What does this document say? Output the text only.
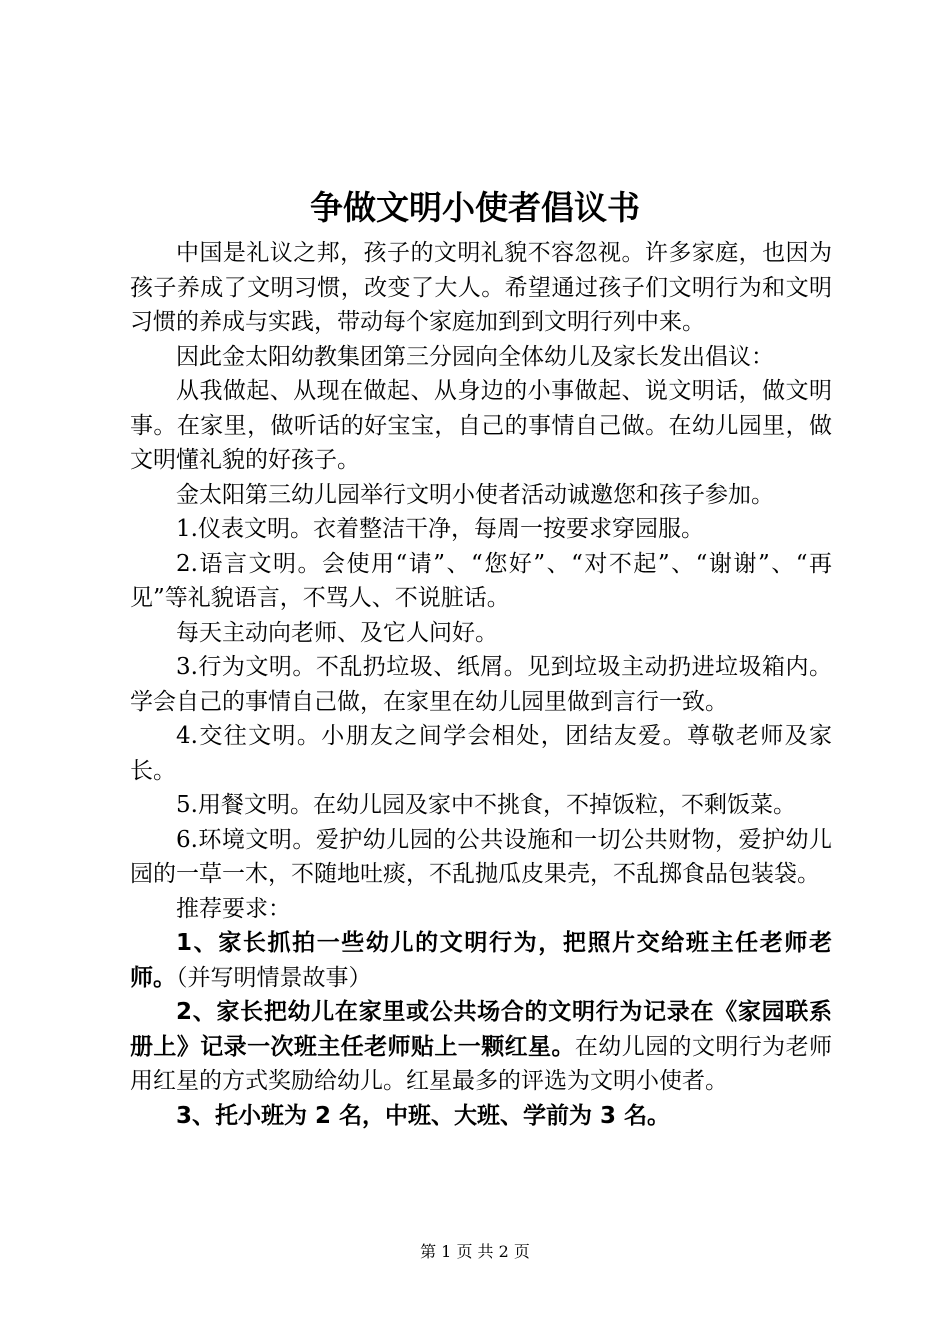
争做文明小使者倡议书

中国是礼议之邦，孩子的文明礼貌不容忽视。许多家庭，也因为孩子养成了文明习惯，改变了大人。希望通过孩子们文明行为和文明习惯的养成与实践，带动每个家庭加到到文明行列中来。

因此金太阳幼教集团第三分园向全体幼儿及家长发出倡议：

从我做起、从现在做起、从身边的小事做起、说文明话，做文明事。在家里，做听话的好宝宝，自己的事情自己做。在幼儿园里，做文明懂礼貌的好孩子。

金太阳第三幼儿园举行文明小使者活动诚邀您和孩子参加。

1.仪表文明。衣着整洁干净，每周一按要求穿园服。

2.语言文明。会使用“请”、“您好”、“对不起”、“谢谢”、“再见”等礼貌语言，不骂人、不说脏话。

每天主动向老师、及它人问好。

3.行为文明。不乱扔垃圾、纸屑。见到垃圾主动扔进垃圾箱内。学会自己的事情自己做，在家里在幼儿园里做到言行一致。

4.交往文明。小朋友之间学会相处，团结友爱。尊敬老师及家长。

5.用餐文明。在幼儿园及家中不挑食，不掉饭粒，不剩饭菜。

6.环境文明。爱护幼儿园的公共设施和一切公共财物，爱护幼儿园的一草一木，不随地吐痰，不乱抛瓜皮果壳，不乱掷食品包装袋。

推荐要求：

1、家长抓拍一些幼儿的文明行为，把照片交给班主任老师老师。（并写明情景故事）

2、家长把幼儿在家里或公共场合的文明行为记录在《家园联系册上》记录一次班主任老师贴上一颗红星。在幼儿园的文明行为老师用红星的方式奖励给幼儿。红星最多的评选为文明小使者。

3、托小班为 2 名，中班、大班、学前为 3 名。

第 1 页 共 2 页
